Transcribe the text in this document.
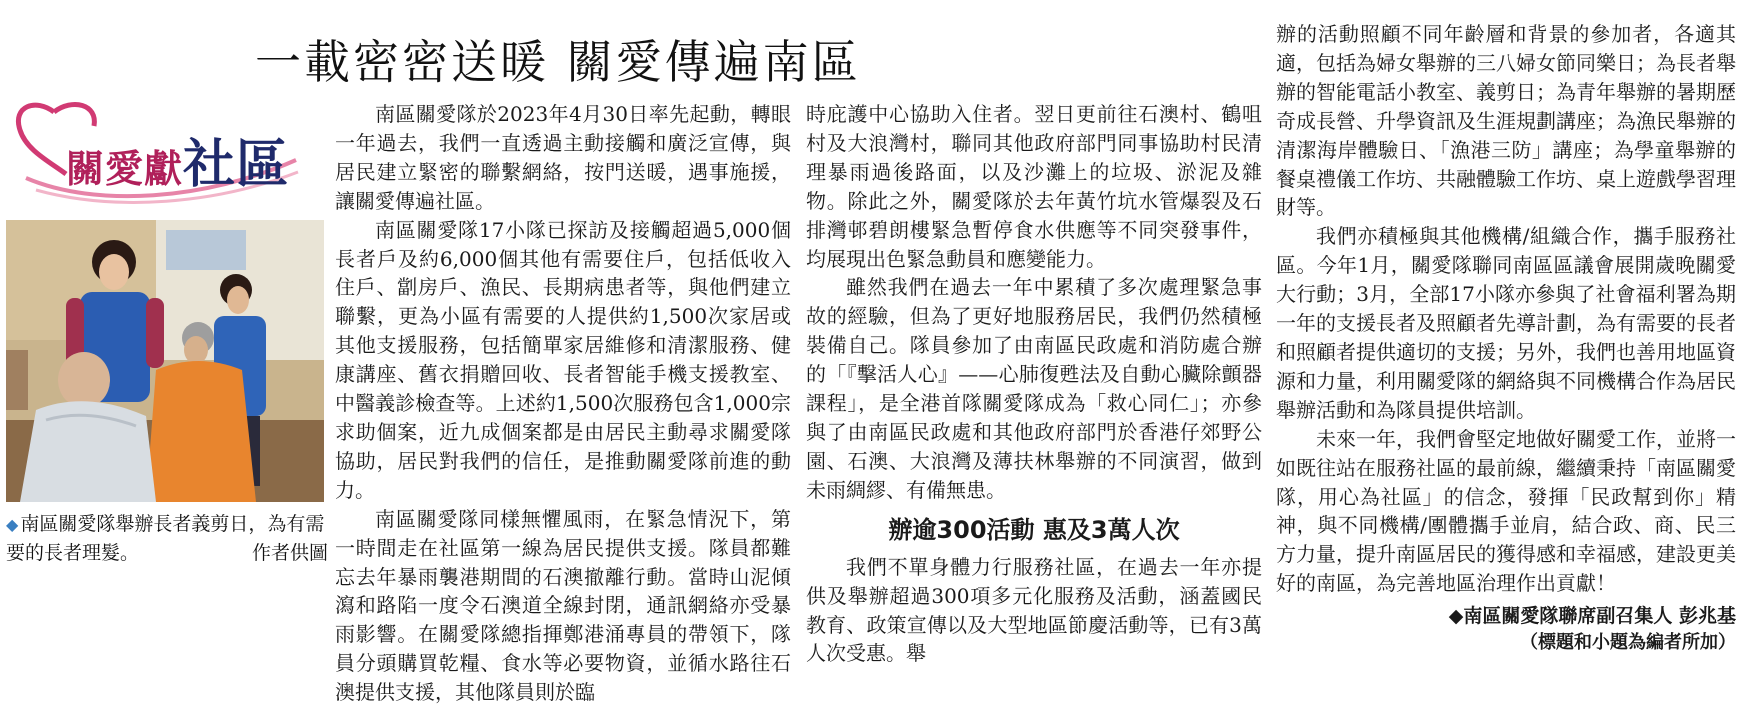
一載密密送暖 關愛傳遍南區
關愛獻社區
◆ 南區關愛隊舉辦長者義剪日，為有需要的長者理髮。	作者供圖

南區關愛隊於2023年4月30日率先起動，轉眼一年過去，我們一直透過主動接觸和廣泛宣傳，與居民建立緊密的聯繫網絡，按門送暖，遇事施援，讓關愛傳遍社區。

南區關愛隊17小隊已探訪及接觸超過5,000個長者戶及約6,000個其他有需要住戶，包括低收入住戶、劏房戶、漁民、長期病患者等，與他們建立聯繫，更為小區有需要的人提供約1,500次家居或其他支援服務，包括簡單家居維修和清潔服務、健康講座、舊衣捐贈回收、長者智能手機支援教室、中醫義診檢查等。上述約1,500次服務包含1,000宗求助個案，近九成個案都是由居民主動尋求關愛隊協助，居民對我們的信任，是推動關愛隊前進的動力。

南區關愛隊同樣無懼風雨，在緊急情況下，第一時間走在社區第一線為居民提供支援。隊員都難忘去年暴雨襲港期間的石澳撤離行動。當時山泥傾瀉和路陷一度令石澳道全線封閉，通訊網絡亦受暴雨影響。在關愛隊總指揮鄭港涌專員的帶領下，隊員分頭購買乾糧、食水等必要物資，並循水路往石澳提供支援，其他隊員則於臨

時庇護中心協助入住者。翌日更前往石澳村、鶴咀村及大浪灣村，聯同其他政府部門同事協助村民清理暴雨過後路面，以及沙灘上的垃圾、淤泥及雜物。除此之外，關愛隊於去年黃竹坑水管爆裂及石排灣邨碧朗樓緊急暫停食水供應等不同突發事件，均展現出色緊急動員和應變能力。

雖然我們在過去一年中累積了多次處理緊急事故的經驗，但為了更好地服務居民，我們仍然積極裝備自己。隊員參加了由南區民政處和消防處合辦的「『擊活人心』——心肺復甦法及自動心臟除顫器課程」，是全港首隊關愛隊成為「救心同仁」；亦參與了由南區民政處和其他政府部門於香港仔郊野公園、石澳、大浪灣及薄扶林舉辦的不同演習，做到未雨綢繆、有備無患。

辦逾300活動 惠及3萬人次

我們不單身體力行服務社區，在過去一年亦提供及舉辦超過300項多元化服務及活動，涵蓋國民教育、政策宣傳以及大型地區節慶活動等，已有3萬人次受惠。舉

辦的活動照顧不同年齡層和背景的參加者，各適其適，包括為婦女舉辦的三八婦女節同樂日；為長者舉辦的智能電話小教室、義剪日；為青年舉辦的暑期歷奇成長營、升學資訊及生涯規劃講座；為漁民舉辦的清潔海岸體驗日、「漁港三防」講座；為學童舉辦的餐桌禮儀工作坊、共融體驗工作坊、桌上遊戲學習理財等。

我們亦積極與其他機構/組織合作，攜手服務社區。今年1月，關愛隊聯同南區區議會展開歲晚關愛大行動；3月，全部17小隊亦參與了社會福利署為期一年的支援長者及照顧者先導計劃，為有需要的長者和照顧者提供適切的支援；另外，我們也善用地區資源和力量，利用關愛隊的網絡與不同機構合作為居民舉辦活動和為隊員提供培訓。

未來一年，我們會堅定地做好關愛工作，並將一如既往站在服務社區的最前線，繼續秉持「南區關愛隊，用心為社區」的信念，發揮「民政幫到你」精神，與不同機構/團體攜手並肩，結合政、商、民三方力量，提升南區居民的獲得感和幸福感，建設更美好的南區，為完善地區治理作出貢獻！

◆南區關愛隊聯席副召集人 彭兆基
（標題和小題為編者所加）
